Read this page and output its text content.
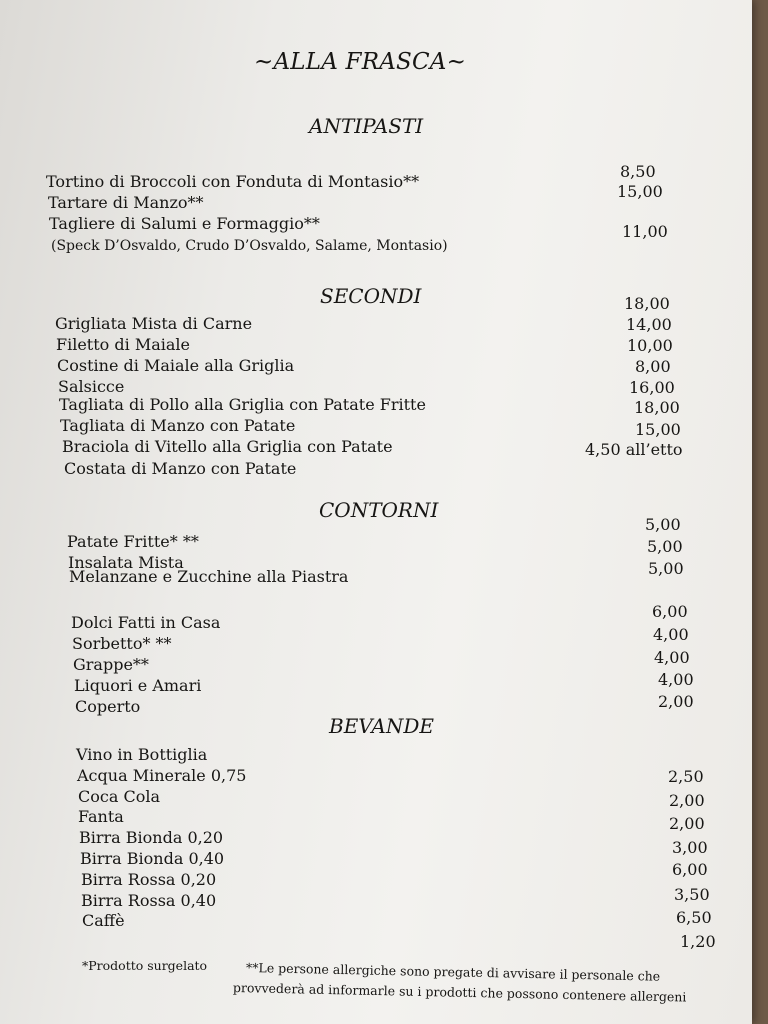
~ALLA FRASCA~
ANTIPASTI
Tortino di Broccoli con Fonduta di Montasio**
Tartare di Manzo**
Tagliere di Salumi e Formaggio**
(Speck D’Osvaldo, Crudo D’Osvaldo, Salame, Montasio)
8,50
15,00
11,00
SECONDI
Grigliata Mista di Carne
Filetto di Maiale
Costine di Maiale alla Griglia
Salsicce
Tagliata di Pollo alla Griglia con Patate Fritte
Tagliata di Manzo con Patate
Braciola di Vitello alla Griglia con Patate
Costata di Manzo con Patate
18,00
14,00
10,00
8,00
16,00
18,00
15,00
4,50 all’etto
CONTORNI
Patate Fritte* **
Insalata Mista
Melanzane e Zucchine alla Piastra
5,00
5,00
5,00
Dolci Fatti in Casa
Sorbetto* **
Grappe**
Liquori e Amari
Coperto
6,00
4,00
4,00
4,00
2,00
BEVANDE
Vino in Bottiglia
Acqua Minerale 0,75
Coca Cola
Fanta
Birra Bionda 0,20
Birra Bionda 0,40
Birra Rossa 0,20
Birra Rossa 0,40
Caffè
2,50
2,00
2,00
3,00
6,00
3,50
6,50
1,20
*Prodotto surgelato	**Le persone allergiche sono pregate di avvisare il personale che
provvederà ad informarle su i prodotti che possono contenere allergeni
